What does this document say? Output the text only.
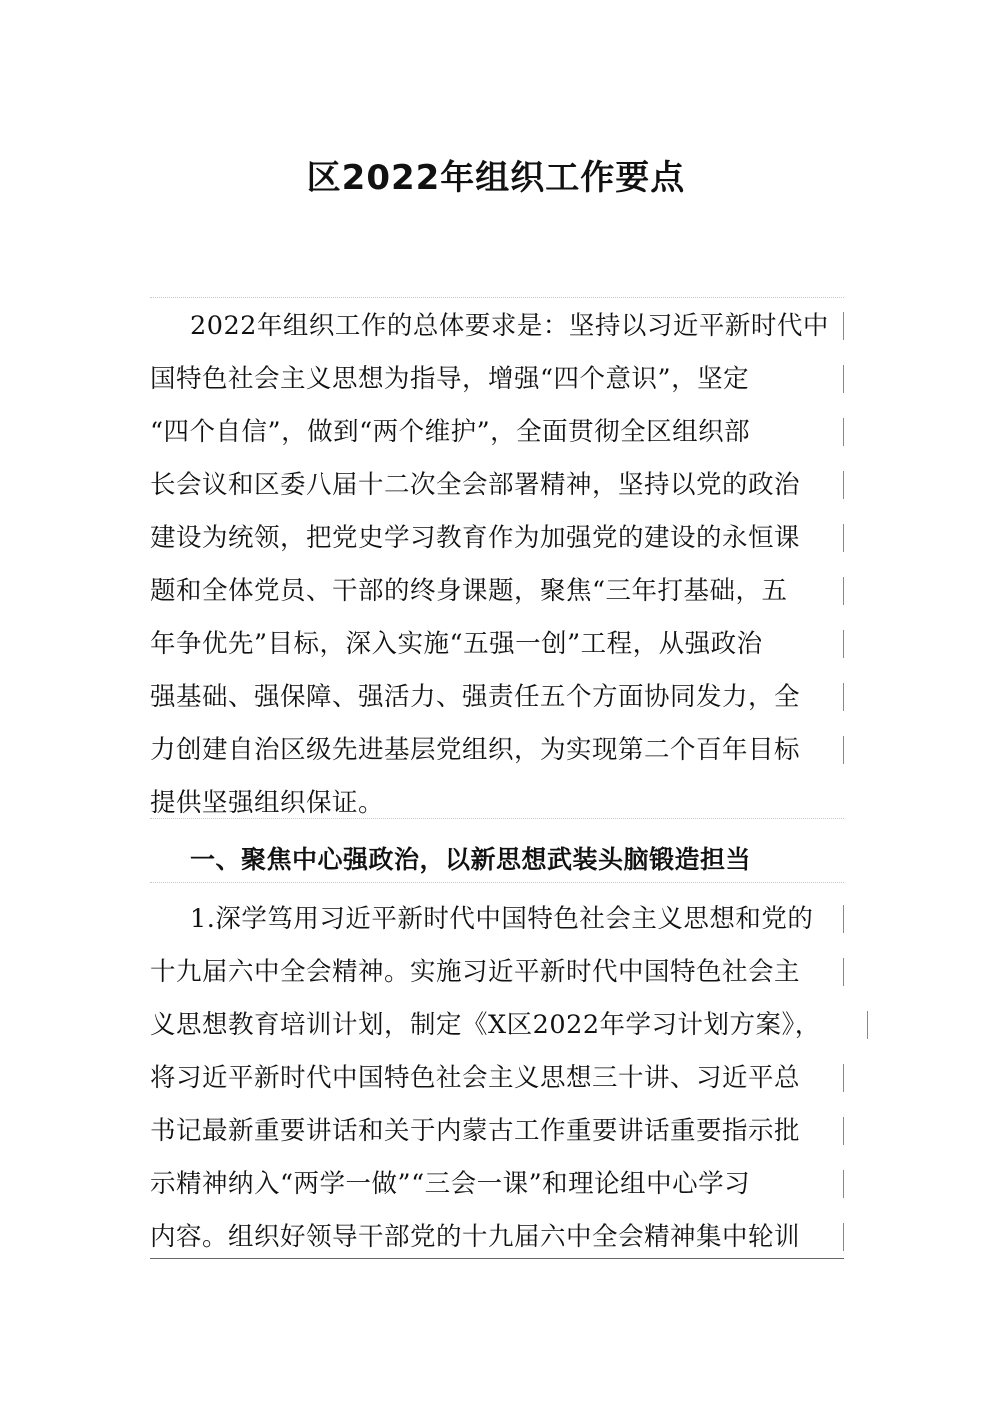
区2022年组织工作要点
2022年组织工作的总体要求是：坚持以习近平新时代中
国特色社会主义思想为指导，增强“四个意识”，坚定
“四个自信”，做到“两个维护”，全面贯彻全区组织部
长会议和区委八届十二次全会部署精神，坚持以党的政治
建设为统领，把党史学习教育作为加强党的建设的永恒课
题和全体党员、干部的终身课题，聚焦“三年打基础，五
年争优先”目标，深入实施“五强一创”工程，从强政治
强基础、强保障、强活力、强责任五个方面协同发力，全
力创建自治区级先进基层党组织，为实现第二个百年目标
提供坚强组织保证。
一、聚焦中心强政治，以新思想武装头脑锻造担当
1.深学笃用习近平新时代中国特色社会主义思想和党的
十九届六中全会精神。实施习近平新时代中国特色社会主
义思想教育培训计划，制定《X区2022年学习计划方案》，
将习近平新时代中国特色社会主义思想三十讲、习近平总
书记最新重要讲话和关于内蒙古工作重要讲话重要指示批
示精神纳入“两学一做”“三会一课”和理论组中心学习
内容。组织好领导干部党的十九届六中全会精神集中轮训
